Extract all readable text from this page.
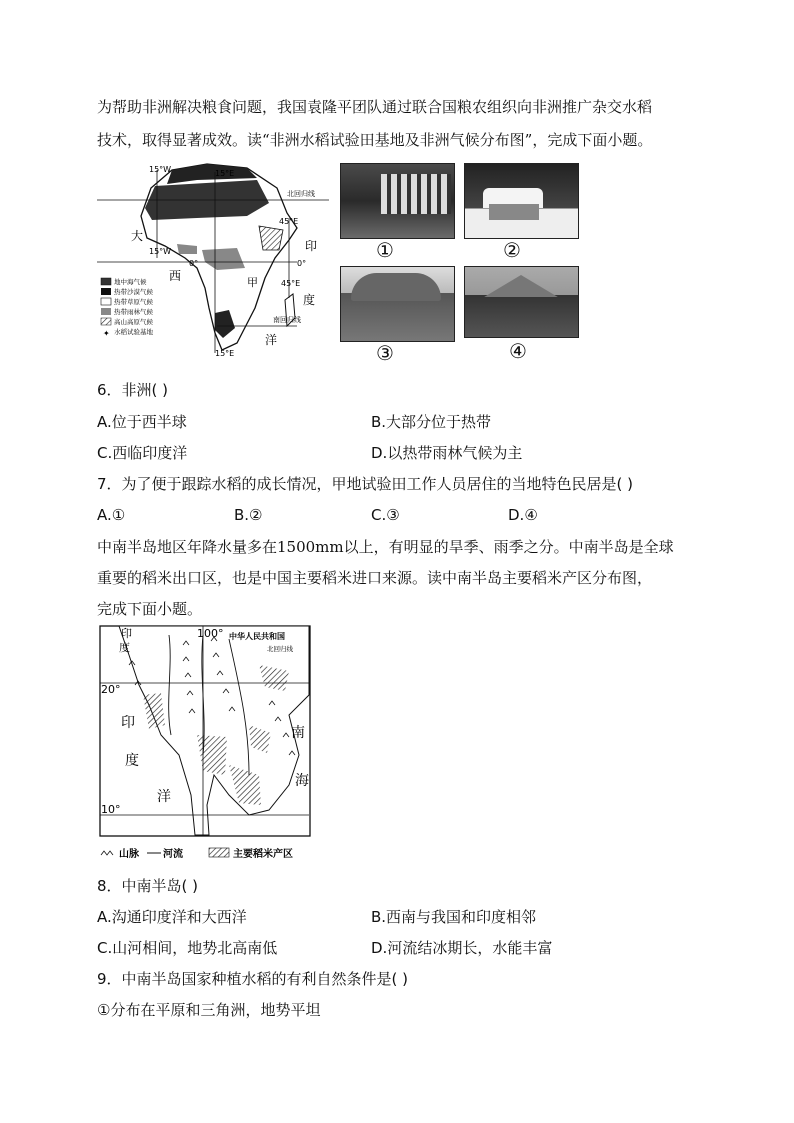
为帮助非洲解决粮食问题，我国袁隆平团队通过联合国粮农组织向非洲推广杂交水稻
技术，取得显著成效。读“非洲水稻试验田基地及非洲气候分布图”，完成下面小题。
15°W	15°E
北回归线
45°E
大
15°W
西
0°	0°
印
甲	45°E
度
南回归线
洋
15°E
✦
地中海气候
热带沙漠气候
热带草原气候
热带雨林气候
高山高原气候
水稻试验基地
①	②
③	④
6．非洲( )
A.位于西半球	B.大部分位于热带
C.西临印度洋	D.以热带雨林气候为主
7．为了便于跟踪水稻的成长情况，甲地试验田工作人员居住的当地特色民居是( )
A.①	B.②	C.③	D.④
中南半岛地区年降水量多在1500mm以上，有明显的旱季、雨季之分。中南半岛是全球
重要的稻米出口区，也是中国主要稻米进口来源。读中南半岛主要稻米产区分布图，
完成下面小题。
100° 中华人民共和国
北回归线
印
度
20°
印
度
洋
南
海
10°
山脉 河流	主要稻米产区
8．中南半岛( )
A.沟通印度洋和大西洋	B.西南与我国和印度相邻
C.山河相间，地势北高南低	D.河流结冰期长，水能丰富
9．中南半岛国家种植水稻的有利自然条件是( )
①分布在平原和三角洲，地势平坦
